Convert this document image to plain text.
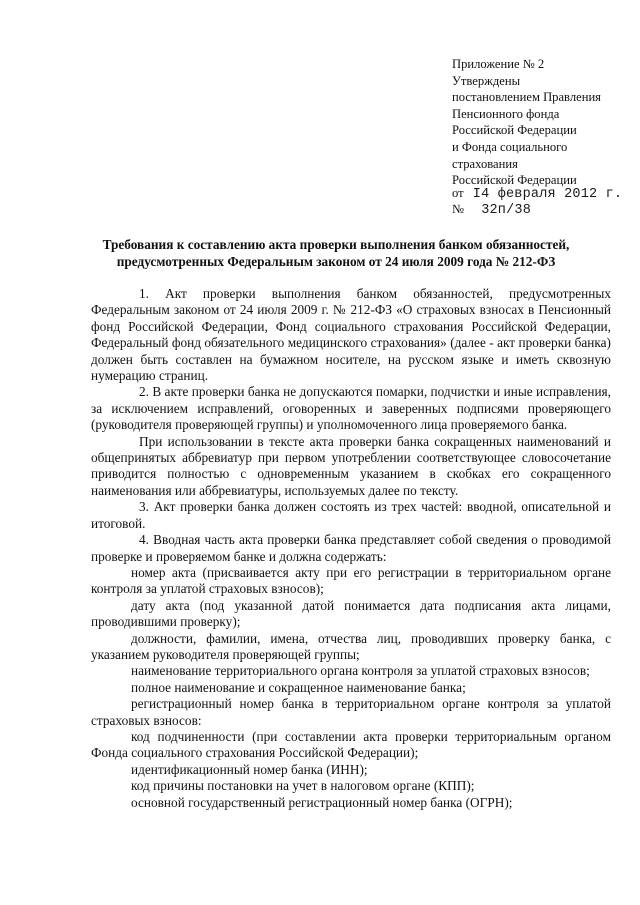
Приложение № 2
Утверждены
постановлением Правления
Пенсионного фонда
Российской Федерации
и Фонда социального
страхования
Российской Федерации
от I4 февраля 2012 г.
№ 32п/38
Требования к составлению акта проверки выполнения банком обязанностей,
предусмотренных Федеральным законом от 24 июля 2009 года № 212-ФЗ

1. Акт проверки выполнения банком обязанностей, предусмотренных Федеральным законом от 24 июля 2009 г. № 212-ФЗ «О страховых взносах в Пенсионный фонд Российской Федерации, Фонд социального страхования Российской Федерации, Федеральный фонд обязательного медицинского страхования» (далее - акт проверки банка) должен быть составлен на бумажном носителе, на русском языке и иметь сквозную нумерацию страниц.

2. В акте проверки банка не допускаются помарки, подчистки и иные исправления, за исключением исправлений, оговоренных и заверенных подписями проверяющего (руководителя проверяющей группы) и уполномоченного лица проверяемого банка.

При использовании в тексте акта проверки банка сокращенных наименований и общепринятых аббревиатур при первом употреблении соответствующее словосочетание приводится полностью с одновременным указанием в скобках его сокращенного наименования или аббревиатуры, используемых далее по тексту.

3. Акт проверки банка должен состоять из трех частей: вводной, описательной и итоговой.

4. Вводная часть акта проверки банка представляет собой сведения о проводимой проверке и проверяемом банке и должна содержать:

номер акта (присваивается акту при его регистрации в территориальном органе контроля за уплатой страховых взносов);

дату акта (под указанной датой понимается дата подписания акта лицами, проводившими проверку);

должности, фамилии, имена, отчества лиц, проводивших проверку банка, с указанием руководителя проверяющей группы;

наименование территориального органа контроля за уплатой страховых взносов;

полное наименование и сокращенное наименование банка;

регистрационный номер банка в территориальном органе контроля за уплатой страховых взносов:

код подчиненности (при составлении акта проверки территориальным органом Фонда социального страхования Российской Федерации);

идентификационный номер банка (ИНН);

код причины постановки на учет в налоговом органе (КПП);

основной государственный регистрационный номер банка (ОГРН);
